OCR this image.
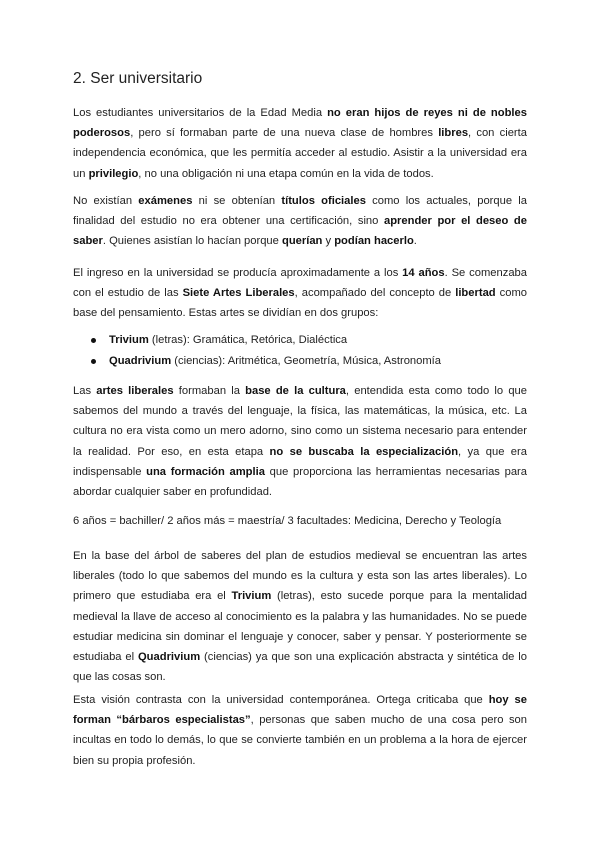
2. Ser universitario

Los estudiantes universitarios de la Edad Media no eran hijos de reyes ni de nobles poderosos, pero sí formaban parte de una nueva clase de hombres libres, con cierta independencia económica, que les permitía acceder al estudio. Asistir a la universidad era un privilegio, no una obligación ni una etapa común en la vida de todos.

No existían exámenes ni se obtenían títulos oficiales como los actuales, porque la finalidad del estudio no era obtener una certificación, sino aprender por el deseo de saber. Quienes asistían lo hacían porque querían y podían hacerlo.

El ingreso en la universidad se producía aproximadamente a los 14 años. Se comenzaba con el estudio de las Siete Artes Liberales, acompañado del concepto de libertad como base del pensamiento. Estas artes se dividían en dos grupos:

Trivium (letras): Gramática, Retórica, Dialéctica
Quadrivium (ciencias): Aritmética, Geometría, Música, Astronomía

Las artes liberales formaban la base de la cultura, entendida esta como todo lo que sabemos del mundo a través del lenguaje, la física, las matemáticas, la música, etc. La cultura no era vista como un mero adorno, sino como un sistema necesario para entender la realidad. Por eso, en esta etapa no se buscaba la especialización, ya que era indispensable una formación amplia que proporciona las herramientas necesarias para abordar cualquier saber en profundidad.

6 años = bachiller/ 2 años más = maestría/ 3 facultades: Medicina, Derecho y Teología

En la base del árbol de saberes del plan de estudios medieval se encuentran las artes liberales (todo lo que sabemos del mundo es la cultura y esta son las artes liberales). Lo primero que estudiaba era el Trivium (letras), esto sucede porque para la mentalidad medieval la llave de acceso al conocimiento es la palabra y las humanidades. No se puede estudiar medicina sin dominar el lenguaje y conocer, saber y pensar. Y posteriormente se estudiaba el Quadrivium (ciencias) ya que son una explicación abstracta y sintética de lo que las cosas son.

Esta visión contrasta con la universidad contemporánea. Ortega criticaba que hoy se forman “bárbaros especialistas”, personas que saben mucho de una cosa pero son incultas en todo lo demás, lo que se convierte también en un problema a la hora de ejercer bien su propia profesión.
